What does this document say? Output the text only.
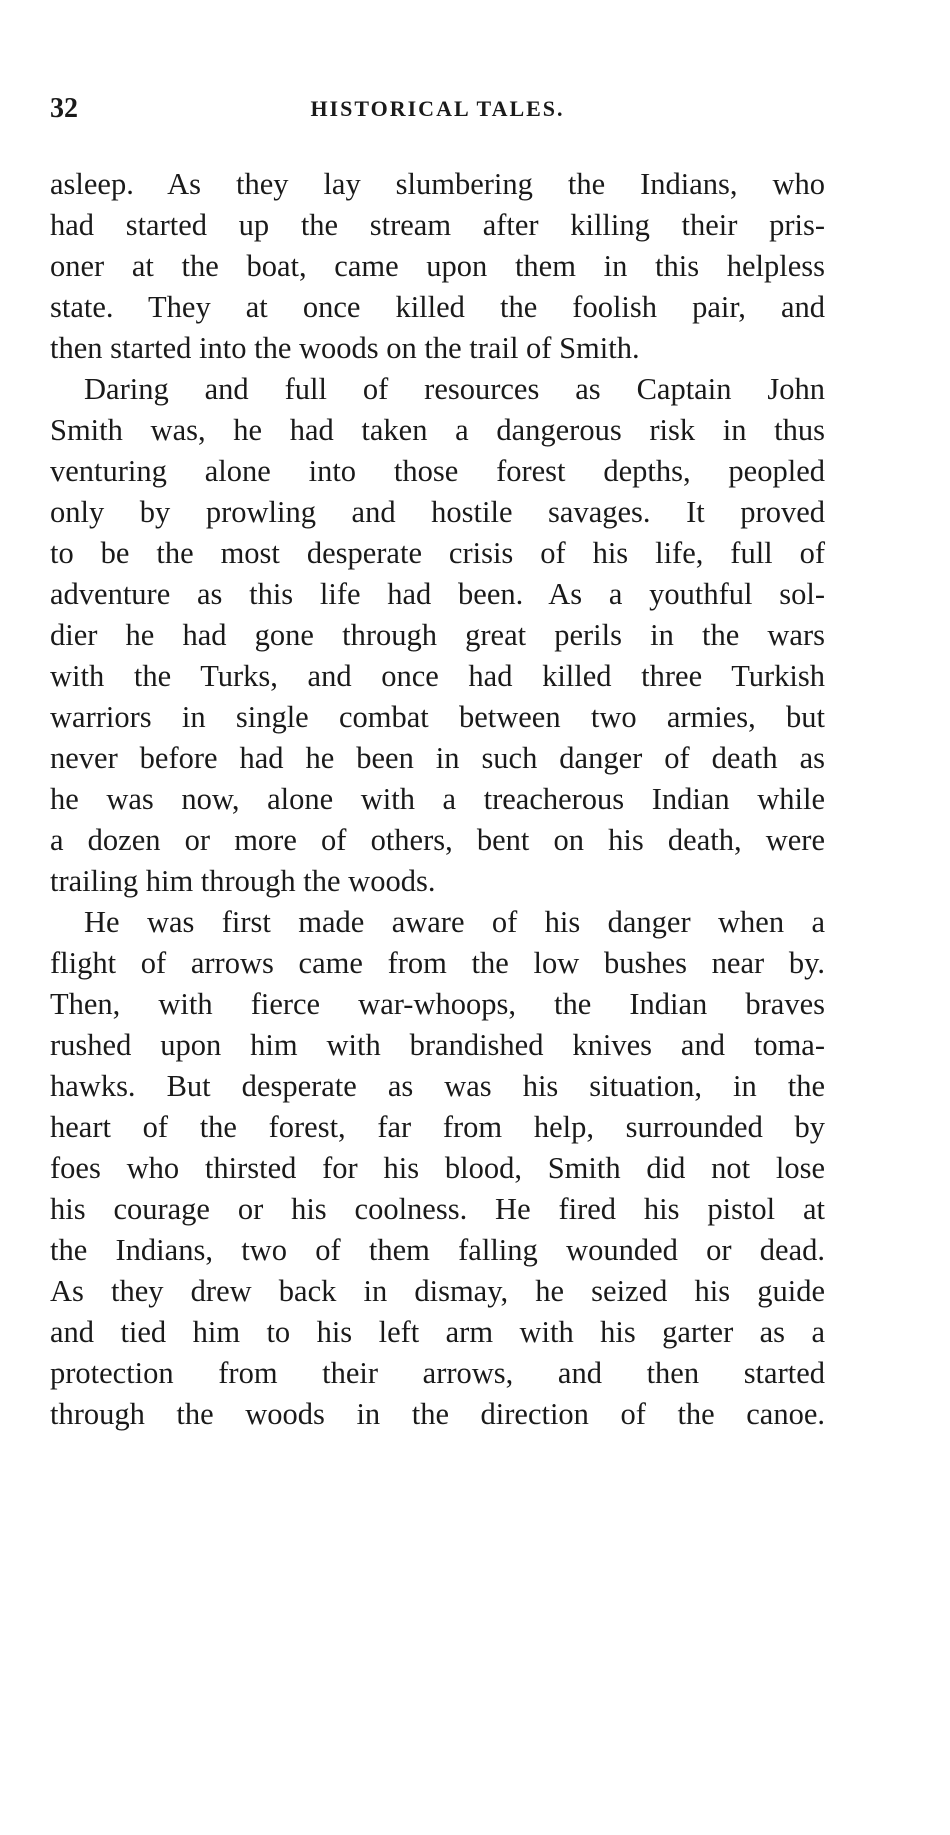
32	HISTORICAL TALES.

asleep. As they lay slumbering the Indians, who
had started up the stream after killing their pris-
oner at the boat, came upon them in this helpless
state. They at once killed the foolish pair, and
then started into the woods on the trail of Smith.

Daring and full of resources as Captain John
Smith was, he had taken a dangerous risk in thus
venturing alone into those forest depths, peopled
only by prowling and hostile savages. It proved
to be the most desperate crisis of his life, full of
adventure as this life had been. As a youthful sol-
dier he had gone through great perils in the wars
with the Turks, and once had killed three Turkish
warriors in single combat between two armies, but
never before had he been in such danger of death as
he was now, alone with a treacherous Indian while
a dozen or more of others, bent on his death, were
trailing him through the woods.

He was first made aware of his danger when a
flight of arrows came from the low bushes near by.
Then, with fierce war-whoops, the Indian braves
rushed upon him with brandished knives and toma-
hawks. But desperate as was his situation, in the
heart of the forest, far from help, surrounded by
foes who thirsted for his blood, Smith did not lose
his courage or his coolness. He fired his pistol at
the Indians, two of them falling wounded or dead.
As they drew back in dismay, he seized his guide
and tied him to his left arm with his garter as a
protection from their arrows, and then started
through the woods in the direction of the canoe.
